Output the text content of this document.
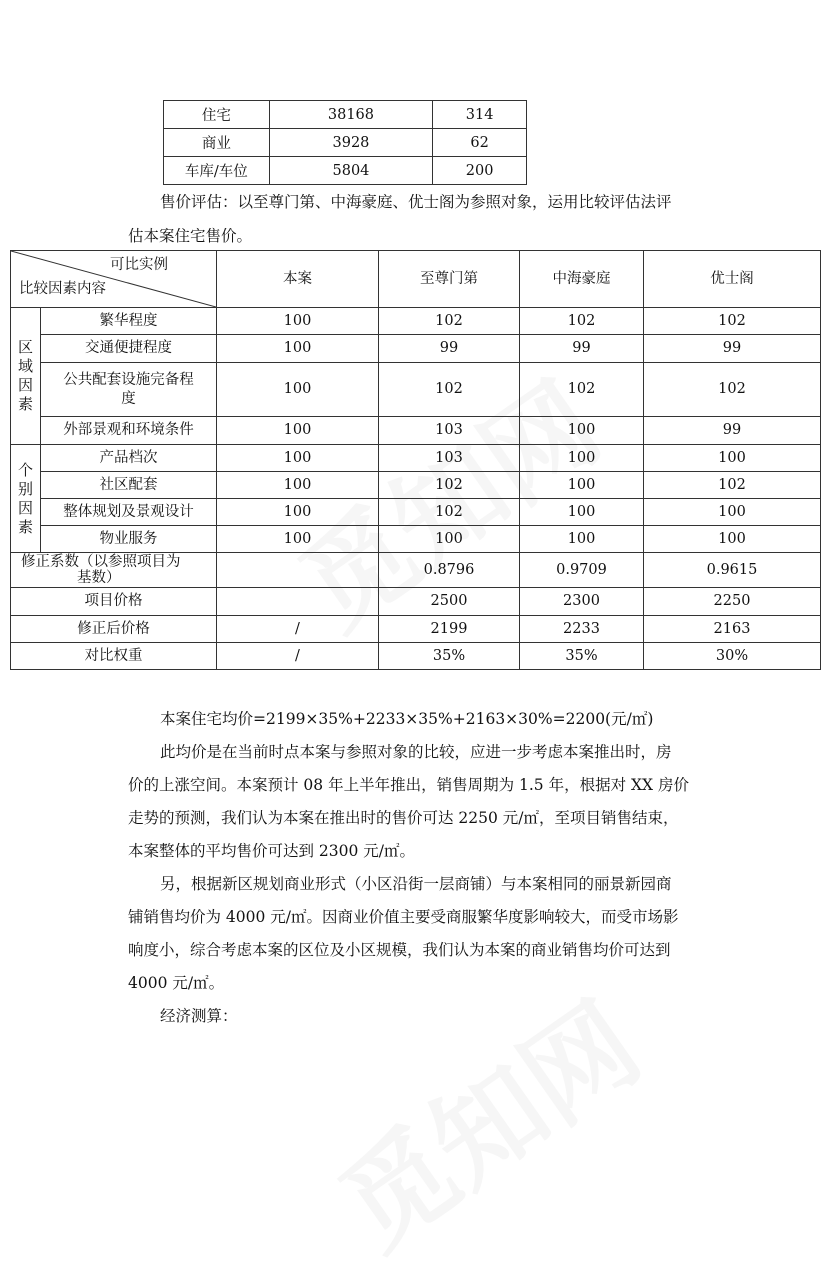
住宅	38168	314
商业	3928	62
车库/车位	5804	200
售价评估：以至尊门第、中海豪庭、优士阁为参照对象，运用比较评估法评
估本案住宅售价。
可比实例
比较因素内容		本案	至尊门第	中海豪庭	优士阁

区
域
因
素	繁华程度	100	102	102	102
	交通便捷程度	100	99	99	99

	公共配套设施完备程
度	100	102	102	102
	外部景观和环境条件	100	103	100	99

个
别
因
素	产品档次	100	103	100	100
	社区配套	100	102	100	102
	整体规划及景观设计	100	102	100	100
	物业服务	100	100	100	100

修正系数（以参照项目为
基数）			0.8796	0.9709	0.9615
项目价格			2500	2300	2250
修正后价格		/	2199	2233	2163
对比权重		/	35%	35%	30%
本案住宅均价=2199×35%+2233×35%+2163×30%=2200(元/㎡)
此均价是在当前时点本案与参照对象的比较，应进一步考虑本案推出时，房
价的上涨空间。本案预计 08 年上半年推出，销售周期为 1.5 年，根据对 XX 房价
走势的预测，我们认为本案在推出时的售价可达 2250 元/㎡，至项目销售结束，
本案整体的平均售价可达到 2300 元/㎡。
另，根据新区规划商业形式（小区沿街一层商铺）与本案相同的丽景新园商
铺销售均价为 4000 元/㎡。因商业价值主要受商服繁华度影响较大，而受市场影
响度小，综合考虑本案的区位及小区规模，我们认为本案的商业销售均价可达到
4000 元/㎡。
经济测算：
